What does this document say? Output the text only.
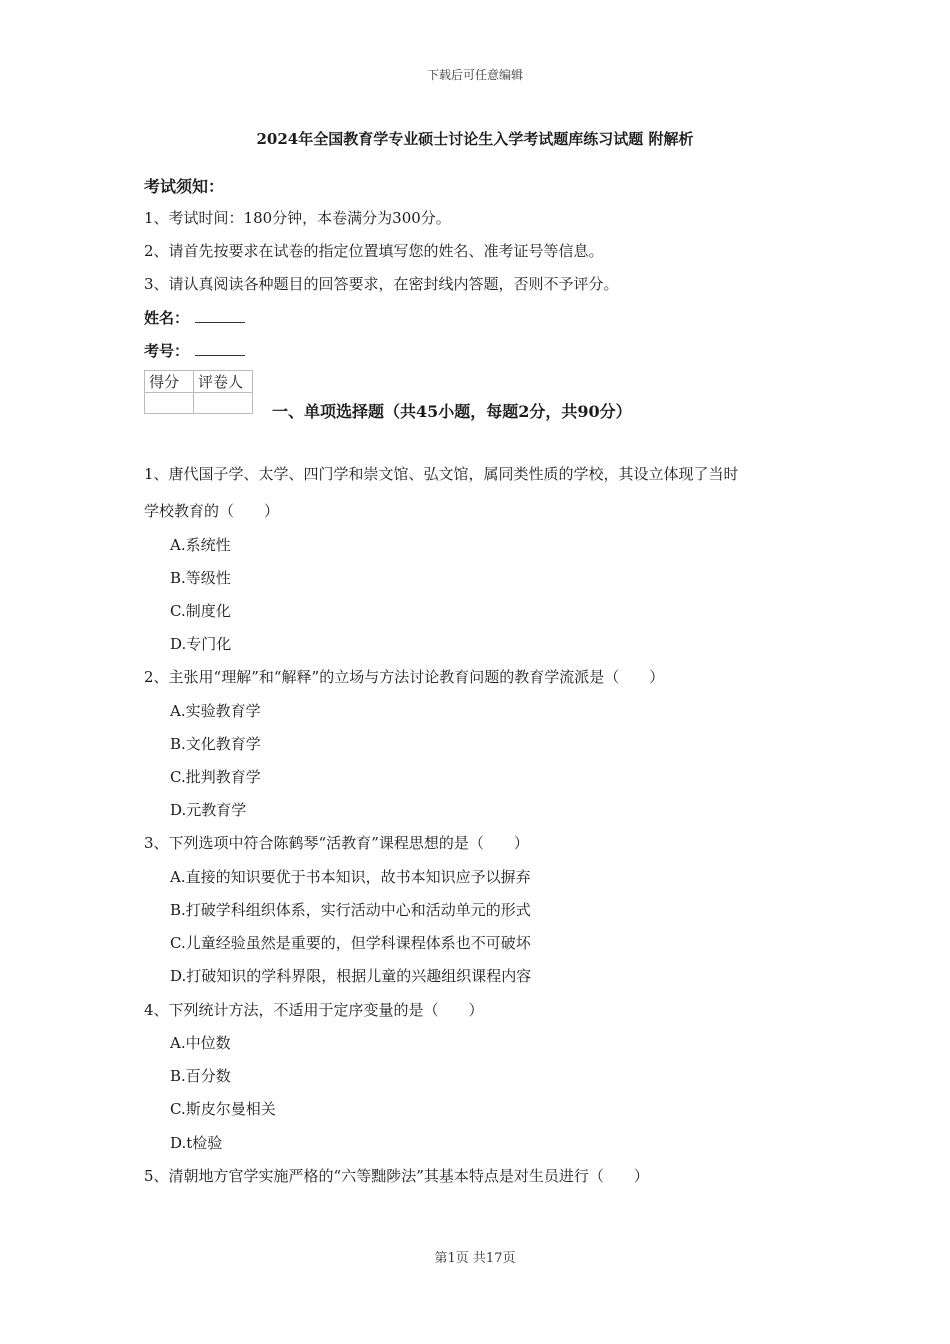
下载后可任意编辑
2024年全国教育学专业硕士讨论生入学考试题库练习试题 附解析
考试须知：
1、考试时间：180分钟，本卷满分为300分。
2、请首先按要求在试卷的指定位置填写您的姓名、准考证号等信息。
3、请认真阅读各种题目的回答要求，在密封线内答题，否则不予评分。
姓名：
考号：
得分	评卷人

一、单项选择题（共45小题，每题2分，共90分）
1、唐代国子学、太学、四门学和崇文馆、弘文馆，属同类性质的学校，其设立体现了当时
学校教育的（　　）
A.系统性
B.等级性
C.制度化
D.专门化
2、主张用“理解”和“解释”的立场与方法讨论教育问题的教育学流派是（　　）
A.实验教育学
B.文化教育学
C.批判教育学
D.元教育学
3、下列选项中符合陈鹤琴“活教育”课程思想的是（　　）
A.直接的知识要优于书本知识，故书本知识应予以摒弃
B.打破学科组织体系，实行活动中心和活动单元的形式
C.儿童经验虽然是重要的，但学科课程体系也不可破坏
D.打破知识的学科界限，根据儿童的兴趣组织课程内容
4、下列统计方法，不适用于定序变量的是（　　）
A.中位数
B.百分数
C.斯皮尔曼相关
D.t检验
5、清朝地方官学实施严格的“六等黜陟法”其基本特点是对生员进行（　　）
第1页 共17页
